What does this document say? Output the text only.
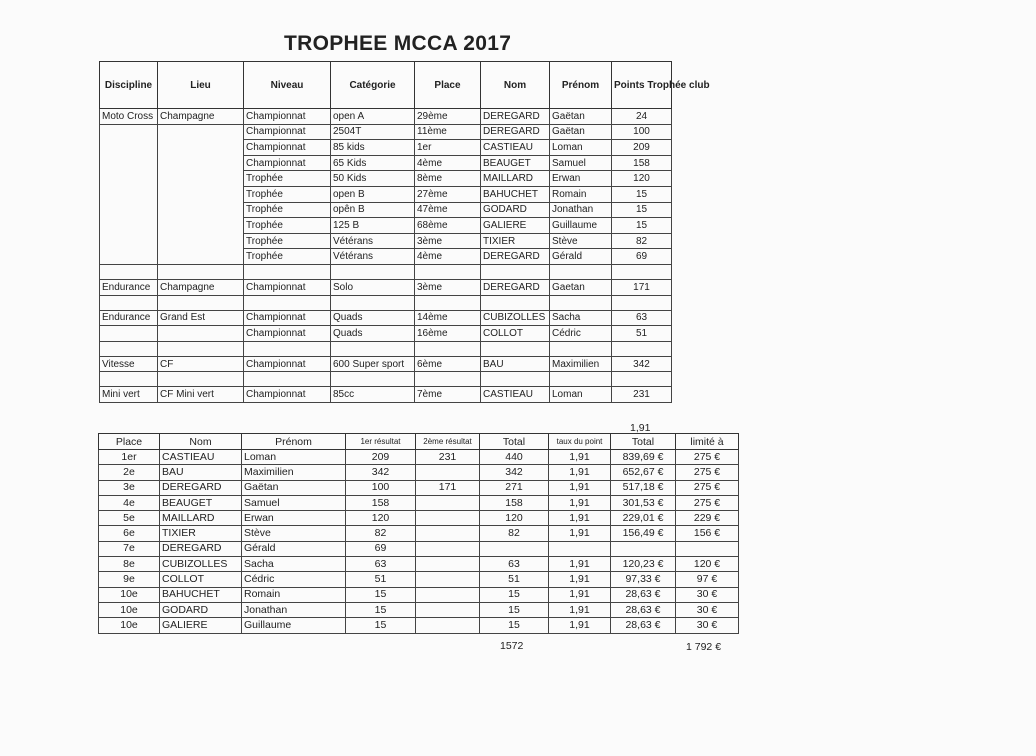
TROPHEE MCCA 2017
Discipline	Lieu	Niveau	Catégorie	Place	Nom	Prénom	Points Trophée club
Moto Cross	Champagne	Championnat	open A	29ème	DEREGARD	Gaëtan	24
		Championnat	2504T	11ème	DEREGARD	Gaëtan	100
		Championnat	85 kids	1er	CASTIEAU	Loman	209
		Championnat	65 Kids	4ème	BEAUGET	Samuel	158
		Trophée	50 Kids	8ème	MAILLARD	Erwan	120
		Trophée	open B	27ème	BAHUCHET	Romain	15
		Trophée	opên B	47ème	GODARD	Jonathan	15
		Trophée	125 B	68ème	GALIERE	Guillaume	15
		Trophée	Vétérans	3ème	TIXIER	Stève	82
		Trophée	Vétérans	4ème	DEREGARD	Gérald	69

Endurance	Champagne	Championnat	Solo	3ème	DEREGARD	Gaetan	171

Endurance	Grand Est	Championnat	Quads	14ème	CUBIZOLLES	Sacha	63
		Championnat	Quads	16ème	COLLOT	Cédric	51

Vitesse	CF	Championnat	600 Super sport	6ème	BAU	Maximilien	342

Mini vert	CF Mini vert	Championnat	85cc	7ème	CASTIEAU	Loman	231
1,91
Place	Nom	Prénom	1er résultat	2ème résultat	Total	taux du point	Total	limité à
1er	CASTIEAU	Loman	209	231	440	1,91	839,69 €	275 €
2e	BAU	Maximilien	342		342	1,91	652,67 €	275 €
3e	DEREGARD	Gaëtan	100	171	271	1,91	517,18 €	275 €
4e	BEAUGET	Samuel	158		158	1,91	301,53 €	275 €
5e	MAILLARD	Erwan	120		120	1,91	229,01 €	229 €
6e	TIXIER	Stève	82		82	1,91	156,49 €	156 €
7e	DEREGARD	Gérald	69					
8e	CUBIZOLLES	Sacha	63		63	1,91	120,23 €	120 €
9e	COLLOT	Cédric	51		51	1,91	97,33 €	97 €
10e	BAHUCHET	Romain	15		15	1,91	28,63 €	30 €
10e	GODARD	Jonathan	15		15	1,91	28,63 €	30 €
10e	GALIERE	Guillaume	15		15	1,91	28,63 €	30 €
1572	1 792 €
